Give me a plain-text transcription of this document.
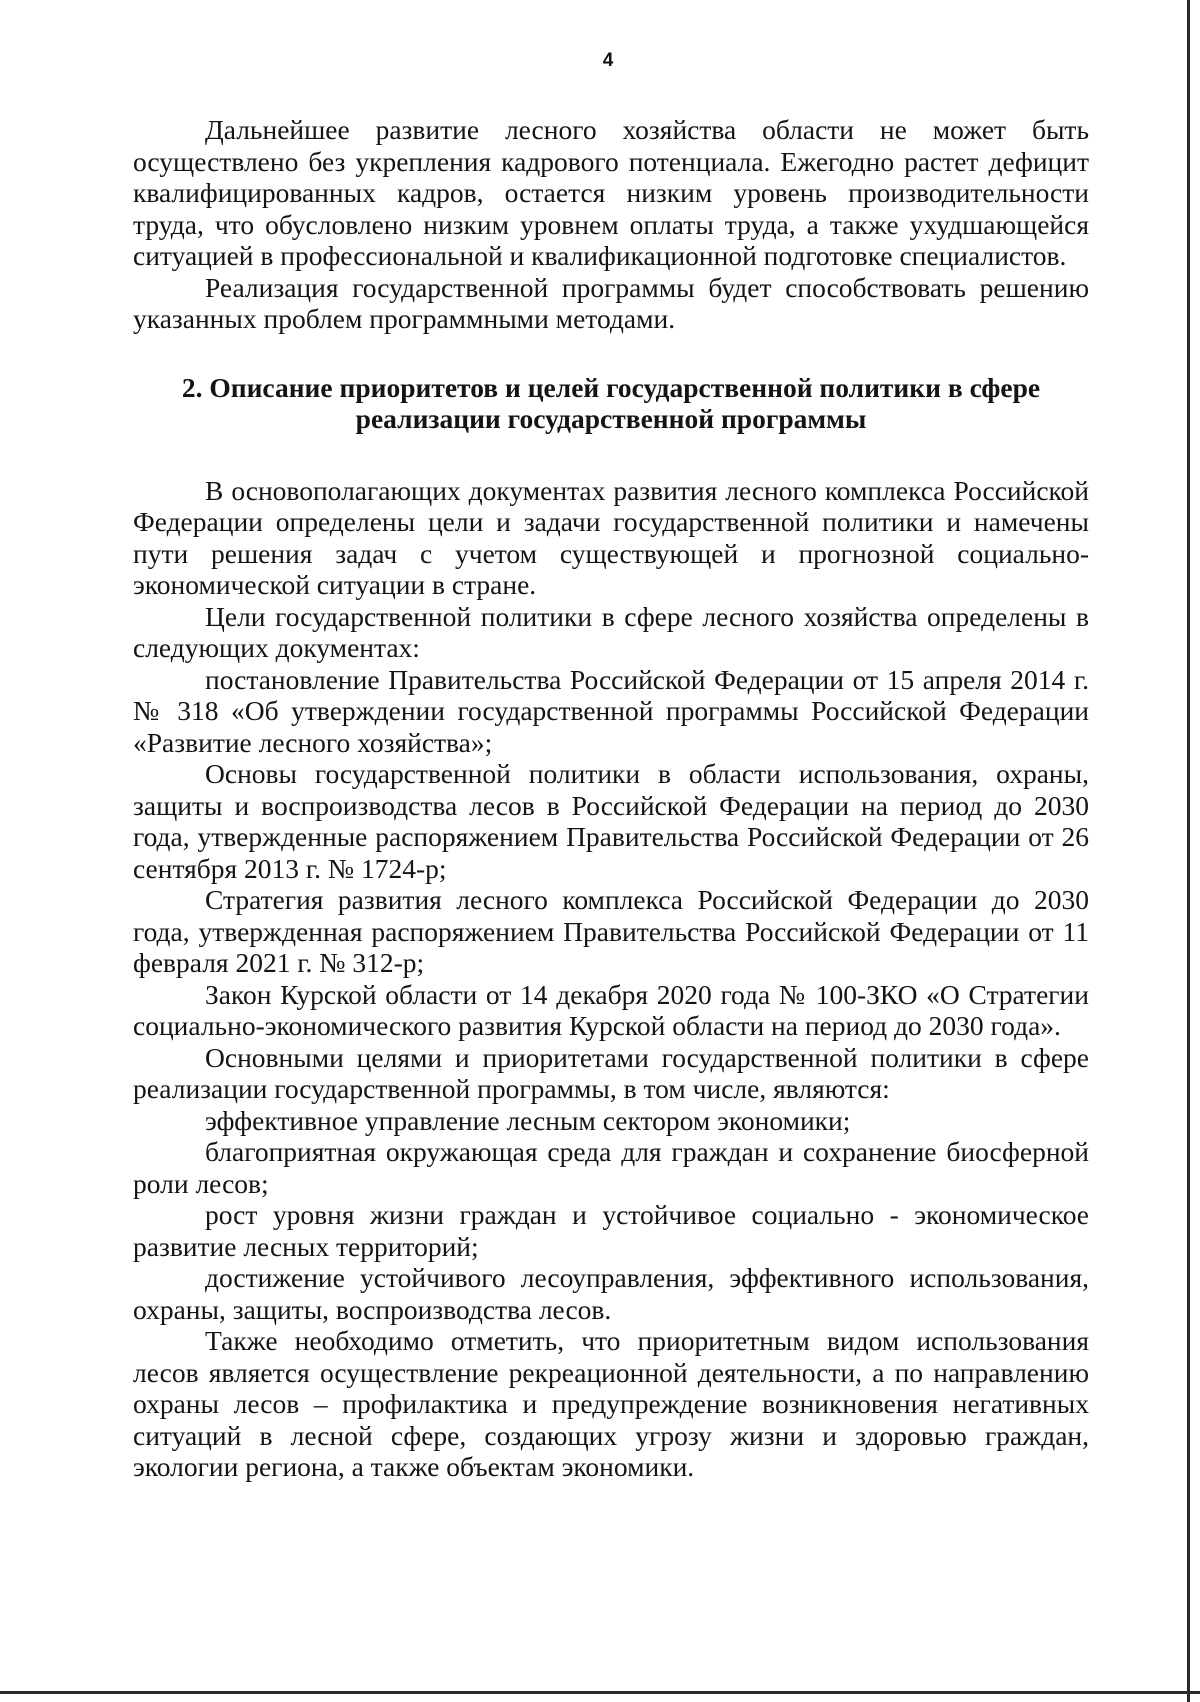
4

Дальнейшее развитие лесного хозяйства области не может быть осуществлено без укрепления кадрового потенциала. Ежегодно растет дефицит квалифицированных кадров, остается низким уровень производительности труда, что обусловлено низким уровнем оплаты труда, а также ухудшающейся ситуацией в профессиональной и квалификационной подготовке специалистов.

Реализация государственной программы будет способствовать решению указанных проблем программными методами.

2. Описание приоритетов и целей государственной политики в сфере реализации государственной программы

В основополагающих документах развития лесного комплекса Российской Федерации определены цели и задачи государственной политики и намечены пути решения задач с учетом существующей и прогнозной социально-экономической ситуации в стране.

Цели государственной политики в сфере лесного хозяйства определены в следующих документах:

постановление Правительства Российской Федерации от 15 апреля 2014 г. № 318 «Об утверждении государственной программы Российской Федерации «Развитие лесного хозяйства»;

Основы государственной политики в области использования, охраны, защиты и воспроизводства лесов в Российской Федерации на период до 2030 года, утвержденные распоряжением Правительства Российской Федерации от 26 сентября 2013 г. № 1724-р;

Стратегия развития лесного комплекса Российской Федерации до 2030 года, утвержденная распоряжением Правительства Российской Федерации от 11 февраля 2021 г. № 312-р;

Закон Курской области от 14 декабря 2020 года № 100-ЗКО «О Стратегии социально-экономического развития Курской области на период до 2030 года».

Основными целями и приоритетами государственной политики в сфере реализации государственной программы, в том числе, являются:

эффективное управление лесным сектором экономики;

благоприятная окружающая среда для граждан и сохранение биосферной роли лесов;

рост уровня жизни граждан и устойчивое социально - экономическое развитие лесных территорий;

достижение устойчивого лесоуправления, эффективного использования, охраны, защиты, воспроизводства лесов.

Также необходимо отметить, что приоритетным видом использования лесов является осуществление рекреационной деятельности, а по направлению охраны лесов – профилактика и предупреждение возникновения негативных ситуаций в лесной сфере, создающих угрозу жизни и здоровью граждан, экологии региона, а также объектам экономики.
